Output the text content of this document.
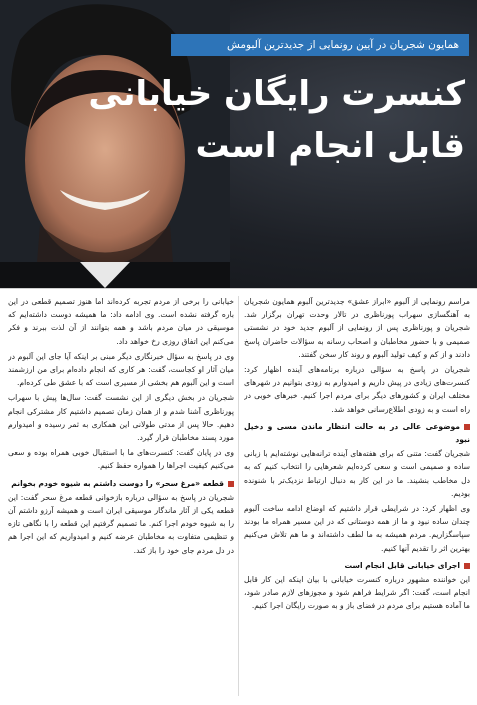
همایون شجریان در آیین رونمایی از جدیدترین آلبومش
کنسرت رایگان خیابانی
قابل انجام است

مراسم رونمایی از آلبوم «ابراز عشق» جدیدترین آلبوم همایون شجریان به آهنگسازی سهراب پورناظری در تالار وحدت تهران برگزار شد. شجریان و پورناظری پس از رونمایی از آلبوم جدید خود در نشستی صمیمی و با حضور مخاطبان و اصحاب رسانه به سؤالات حاضران پاسخ دادند و از کم و کیف تولید آلبوم و روند کار سخن گفتند.

شجریان در پاسخ به سؤالی درباره برنامه‌های آینده اظهار کرد: کنسرت‌های زیادی در پیش داریم و امیدوارم به زودی بتوانیم در شهرهای مختلف ایران و کشورهای دیگر برای مردم اجرا کنیم. خبرهای خوبی در راه است و به زودی اطلاع‌رسانی خواهد شد.

موضوعی عالی در به حالت انتظار ماندن مسی و دخیل نبود

شجریان گفت: متنی که برای هفته‌های آینده ترانه‌هایی نوشته‌ایم با زبانی ساده و صمیمی است و سعی کرده‌ایم شعرهایی را انتخاب کنیم که به دل مخاطب بنشیند. ما در این کار به دنبال ارتباط نزدیک‌تر با شنونده بودیم.

وی اظهار کرد: در شرایطی قرار داشتیم که اوضاع ادامه ساخت آلبوم چندان ساده نبود و ما از همه دوستانی که در این مسیر همراه ما بودند سپاسگزاریم. مردم همیشه به ما لطف داشته‌اند و ما هم تلاش می‌کنیم بهترین اثر را تقدیم آنها کنیم.

اجرای خیابانی قابل انجام است

این خواننده مشهور درباره کنسرت خیابانی با بیان اینکه این کار قابل انجام است، گفت: اگر شرایط فراهم شود و مجوزهای لازم صادر شود، ما آماده هستیم برای مردم در فضای باز و به صورت رایگان اجرا کنیم.

خیابانی را برخی از مردم تجربه کرده‌اند اما هنوز تصمیم قطعی در این باره گرفته نشده است. وی ادامه داد: ما همیشه دوست داشته‌ایم که موسیقی در میان مردم باشد و همه بتوانند از آن لذت ببرند و فکر می‌کنم این اتفاق روزی رخ خواهد داد.

وی در پاسخ به سؤال خبرنگاری دیگر مبنی بر اینکه آیا جای این آلبوم در میان آثار او کجاست، گفت: هر کاری که انجام داده‌ام برای من ارزشمند است و این آلبوم هم بخشی از مسیری است که با عشق طی کرده‌ام.

شجریان در بخش دیگری از این نشست گفت: سال‌ها پیش با سهراب پورناظری آشنا شدم و از همان زمان تصمیم داشتیم کار مشترکی انجام دهیم. حالا پس از مدتی طولانی این همکاری به ثمر رسیده و امیدوارم مورد پسند مخاطبان قرار گیرد.

وی در پایان گفت: کنسرت‌های ما با استقبال خوبی همراه بوده و سعی می‌کنیم کیفیت اجراها را همواره حفظ کنیم.

قطعه «مرغ سحر» را دوست داشتم به شیوه خودم بخوانم

شجریان در پاسخ به سؤالی درباره بازخوانی قطعه مرغ سحر گفت: این قطعه یکی از آثار ماندگار موسیقی ایران است و همیشه آرزو داشتم آن را به شیوه خودم اجرا کنم. ما تصمیم گرفتیم این قطعه را با نگاهی تازه و تنظیمی متفاوت به مخاطبان عرضه کنیم و امیدواریم که این اجرا هم در دل مردم جای خود را باز کند.
